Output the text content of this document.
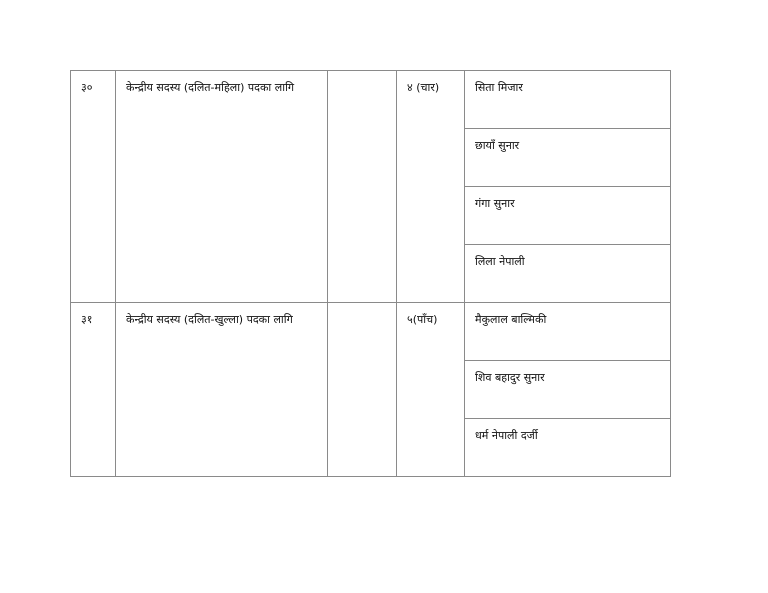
३०	केन्द्रीय सदस्य (दलित-महिला) पदका लागि		४ (चार)	सिता मिजार

				छायाँ सुनार

				गंगा सुनार

				लिला नेपाली

३१	केन्द्रीय सदस्य (दलित-खुल्ला) पदका लागि		५(पाँच)	मैकुलाल बाल्मिकी

				शिव बहादुर सुनार

				धर्म नेपाली दर्जी
